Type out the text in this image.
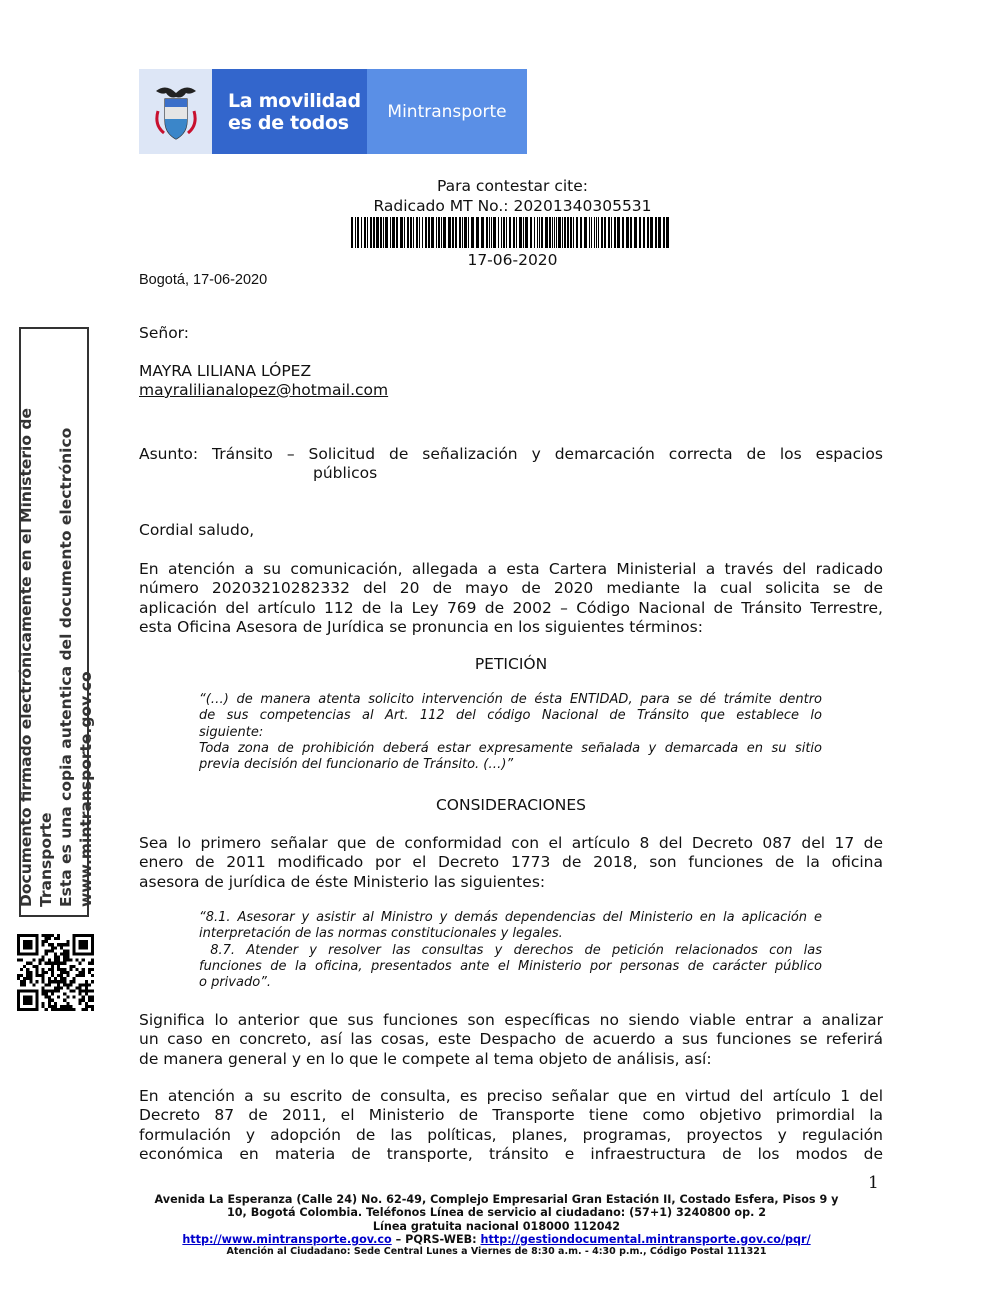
La movilidad
es de todos	Mintransporte
Para contestar cite:
Radicado MT No.: 20201340305531
17-06-2020
Bogotá, 17-06-2020
Señor:
MAYRA LILIANA LÓPEZ
mayralilianalopez@hotmail.com
Asunto: Tránsito – Solicitud de señalización y demarcación correcta de los espacios
públicos
Cordial saludo,
En atención a su comunicación, allegada a esta Cartera Ministerial a través del radicado
número 20203210282332 del 20 de mayo de 2020 mediante la cual solicita se de
aplicación del artículo 112 de la Ley 769 de 2002 – Código Nacional de Tránsito Terrestre,
esta Oficina Asesora de Jurídica se pronuncia en los siguientes términos:
PETICIÓN
“(…) de manera atenta solicito intervención de ésta ENTIDAD, para se dé trámite dentro
de sus competencias al Art. 112 del código Nacional de Tránsito que establece lo
siguiente:
Toda zona de prohibición deberá estar expresamente señalada y demarcada en su sitio
previa decisión del funcionario de Tránsito. (…)”
CONSIDERACIONES
Sea lo primero señalar que de conformidad con el artículo 8 del Decreto 087 del 17 de
enero de 2011 modificado por el Decreto 1773 de 2018, son funciones de la oficina
asesora de jurídica de éste Ministerio las siguientes:
“8.1. Asesorar y asistir al Ministro y demás dependencias del Ministerio en la aplicación e
interpretación de las normas constitucionales y legales.
8.7. Atender y resolver las consultas y derechos de petición relacionados con las
funciones de la oficina, presentados ante el Ministerio por personas de carácter público
o privado”.
Significa lo anterior que sus funciones son específicas no siendo viable entrar a analizar
un caso en concreto, así las cosas, este Despacho de acuerdo a sus funciones se referirá
de manera general y en lo que le compete al tema objeto de análisis, así:
En atención a su escrito de consulta, es preciso señalar que en virtud del artículo 1 del
Decreto 87 de 2011, el Ministerio de Transporte tiene como objetivo primordial la
formulación y adopción de las políticas, planes, programas, proyectos y regulación
económica en materia de transporte, tránsito e infraestructura de los modos de
1
Documento firmado electrónicamente en el Ministerio de Transporte Esta es una copia autentica del documento electrónico www.mintransporte.gov.co
Avenida La Esperanza (Calle 24) No. 62-49, Complejo Empresarial Gran Estación II, Costado Esfera, Pisos 9 y
10, Bogotá Colombia. Teléfonos Línea de servicio al ciudadano: (57+1) 3240800 op. 2
Línea gratuita nacional 018000 112042
http://www.mintransporte.gov.co – PQRS-WEB: http://gestiondocumental.mintransporte.gov.co/pqr/
Atención al Ciudadano: Sede Central Lunes a Viernes de 8:30 a.m. - 4:30 p.m., Código Postal 111321
